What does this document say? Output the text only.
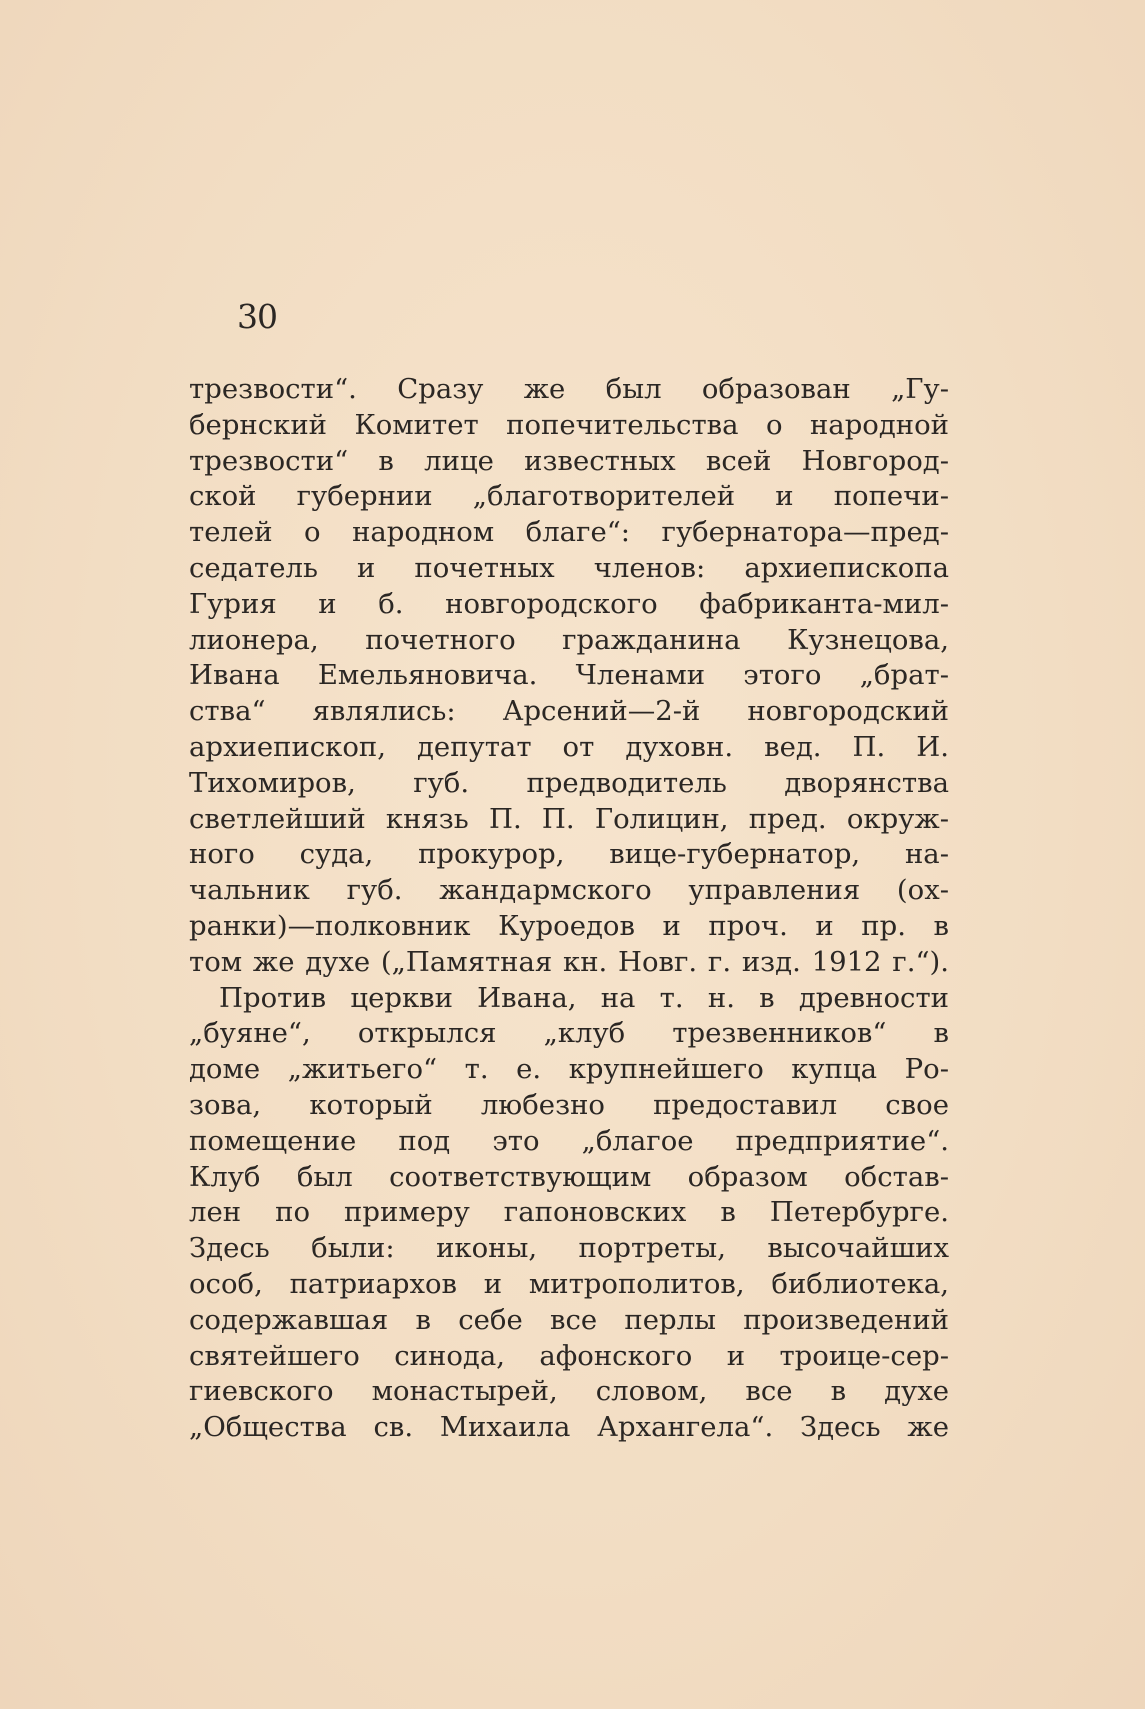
30
трезвости“. Сразу же был образован „Гу-
бернский Комитет попечительства о народной
трезвости“ в лице известных всей Новгород-
ской губернии „благотворителей и попечи-
телей о народном благе“: губернатора—пред-
седатель и почетных членов: архиепископа
Гурия и б. новгородского фабриканта-мил-
лионера, почетного гражданина Кузнецова,
Ивана Емельяновича. Членами этого „брат-
ства“ являлись: Арсений—2-й новгородский
архиепископ, депутат от духовн. вед. П. И.
Тихомиров, губ. предводитель дворянства
светлейший князь П. П. Голицин, пред. окруж-
ного суда, прокурор, вице-губернатор, на-
чальник губ. жандармского управления (ох-
ранки)—полковник Куроедов и проч. и пр. в
том же духе („Памятная кн. Новг. г. изд. 1912 г.“).
Против церкви Ивана, на т. н. в древности
„буяне“, открылся „клуб трезвенников“ в
доме „житьего“ т. е. крупнейшего купца Ро-
зова, который любезно предоставил свое
помещение под это „благое предприятие“.
Клуб был соответствующим образом обстав-
лен по примеру гапоновских в Петербурге.
Здесь были: иконы, портреты, высочайших
особ, патриархов и митрополитов, библиотека,
содержавшая в себе все перлы произведений
святейшего синода, афонского и троице-сер-
гиевского монастырей, словом, все в духе
„Общества св. Михаила Архангела“. Здесь же
